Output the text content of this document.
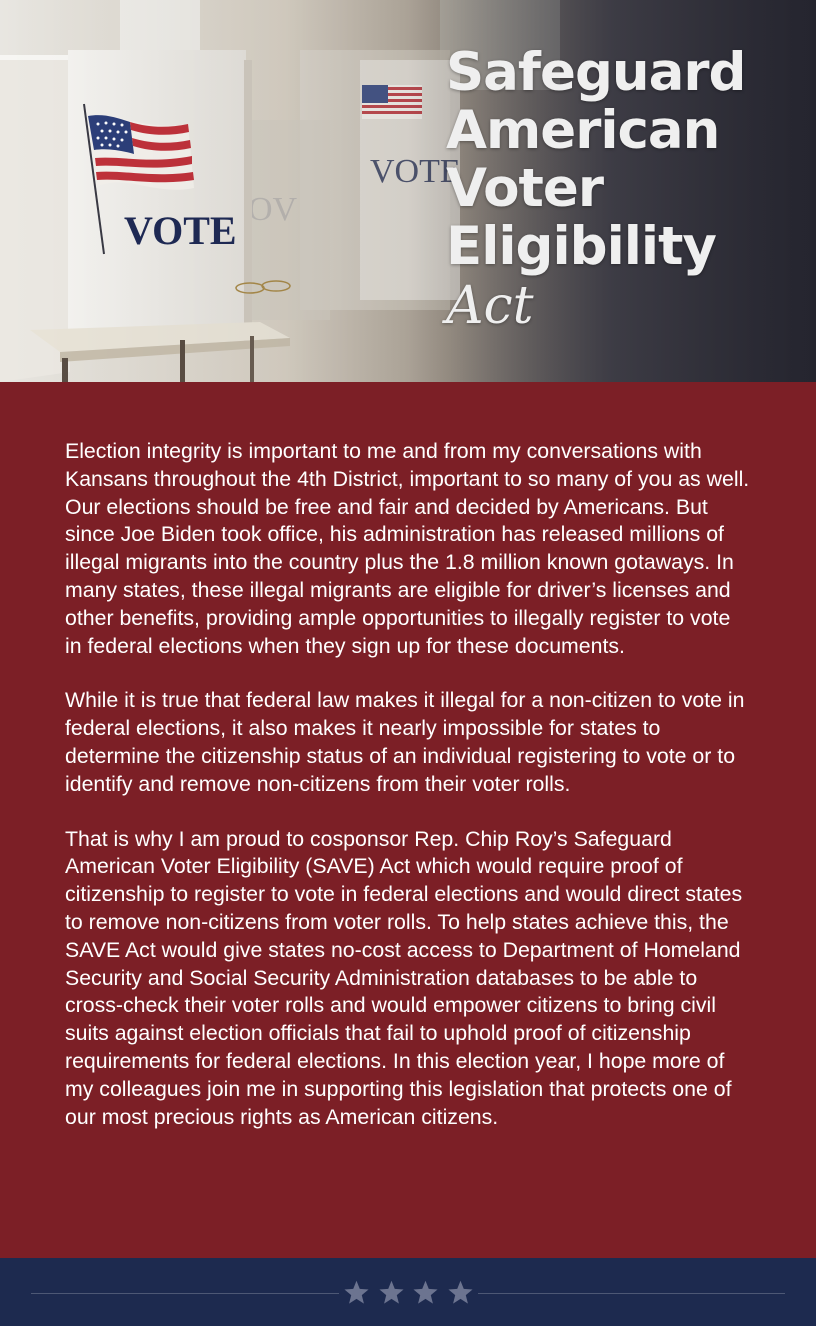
Safeguard
American
Voter
Eligibility
Act

Election integrity is important to me and from my conversations with Kansans throughout the 4th District, important to so many of you as well. Our elections should be free and fair and decided by Americans. But since Joe Biden took office, his administration has released millions of illegal migrants into the country plus the 1.8 million known gotaways. In many states, these illegal migrants are eligible for driver’s licenses and other benefits, providing ample opportunities to illegally register to vote in federal elections when they sign up for these documents.

While it is true that federal law makes it illegal for a non-citizen to vote in federal elections, it also makes it nearly impossible for states to determine the citizenship status of an individual registering to vote or to identify and remove non-citizens from their voter rolls.

That is why I am proud to cosponsor Rep. Chip Roy’s Safeguard American Voter Eligibility (SAVE) Act which would require proof of citizenship to register to vote in federal elections and would direct states to remove non-citizens from voter rolls. To help states achieve this, the SAVE Act would give states no-cost access to Department of Homeland Security and Social Security Administration databases to be able to cross-check their voter rolls and would empower citizens to bring civil suits against election officials that fail to uphold proof of citizenship requirements for federal elections. In this election year, I hope more of my colleagues join me in supporting this legislation that protects one of our most precious rights as American citizens.
